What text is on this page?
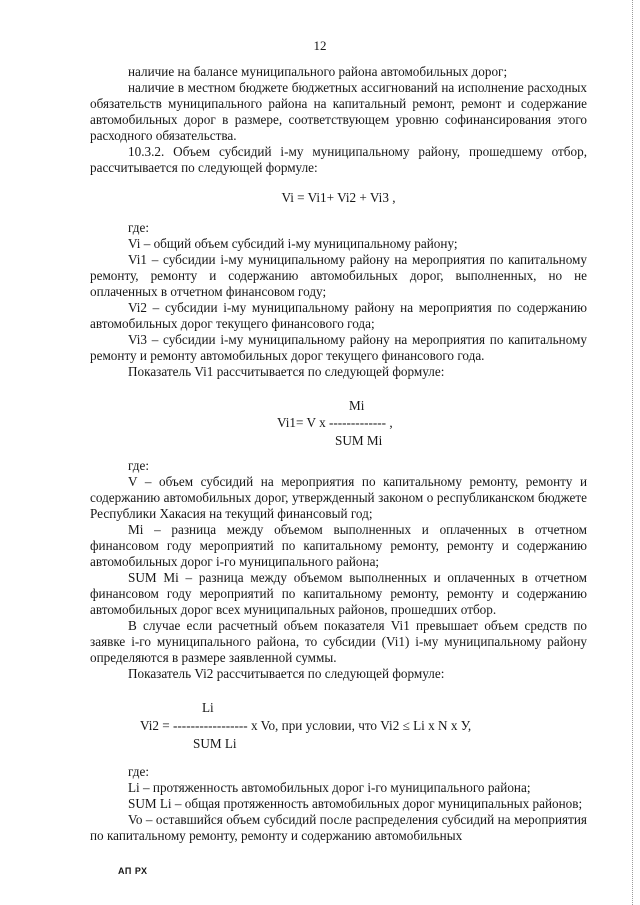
12

наличие на балансе муниципального района автомобильных дорог;

наличие в местном бюджете бюджетных ассигнований на исполнение расходных обязательств муниципального района на капитальный ремонт, ремонт и содержание автомобильных дорог в размере, соответствующем уровню софинансирования этого расходного обязательства.

10.3.2. Объем субсидий i-му муниципальному району, прошедшему отбор, рассчитывается по следующей формуле:

Vi = Vi1+ Vi2 + Vi3 ,

где:

Vi – общий объем субсидий i-му муниципальному району;

Vi1 – субсидии i-му муниципальному району на мероприятия по капитальному ремонту, ремонту и содержанию автомобильных дорог, выполненных, но не оплаченных в отчетном финансовом году;

Vi2 – субсидии i-му муниципальному району на мероприятия по содержанию автомобильных дорог текущего финансового года;

Vi3 – субсидии i-му муниципальному району на мероприятия по капитальному ремонту и ремонту автомобильных дорог текущего финансового года.

Показатель Vi1 рассчитывается по следующей формуле:

Mi
Vi1= V x ------------- ,
SUM Mi

где:

V – объем субсидий на мероприятия по капитальному ремонту, ремонту и содержанию автомобильных дорог, утвержденный законом о республиканском бюджете Республики Хакасия на текущий финансовый год;

Mi – разница между объемом выполненных и оплаченных в отчетном финансовом году мероприятий по капитальному ремонту, ремонту и содержанию автомобильных дорог i-го муниципального района;

SUM Mi – разница между объемом выполненных и оплаченных в отчетном финансовом году мероприятий по капитальному ремонту, ремонту и содержанию автомобильных дорог всех муниципальных районов, прошедших отбор.

В случае если расчетный объем показателя Vi1 превышает объем средств по заявке i-го муниципального района, то субсидии (Vi1) i-му муниципальному району определяются в размере заявленной суммы.

Показатель Vi2 рассчитывается по следующей формуле:

Li
Vi2 = ----------------- x Vo, при условии, что Vi2 ≤ Li x N x У,
SUM Li

где:

Li – протяженность автомобильных дорог i-го муниципального района;

SUM Li – общая протяженность автомобильных дорог муниципальных районов;

Vo – оставшийся объем субсидий после распределения субсидий на мероприятия по капитальному ремонту, ремонту и содержанию автомобильных

АП РХ
